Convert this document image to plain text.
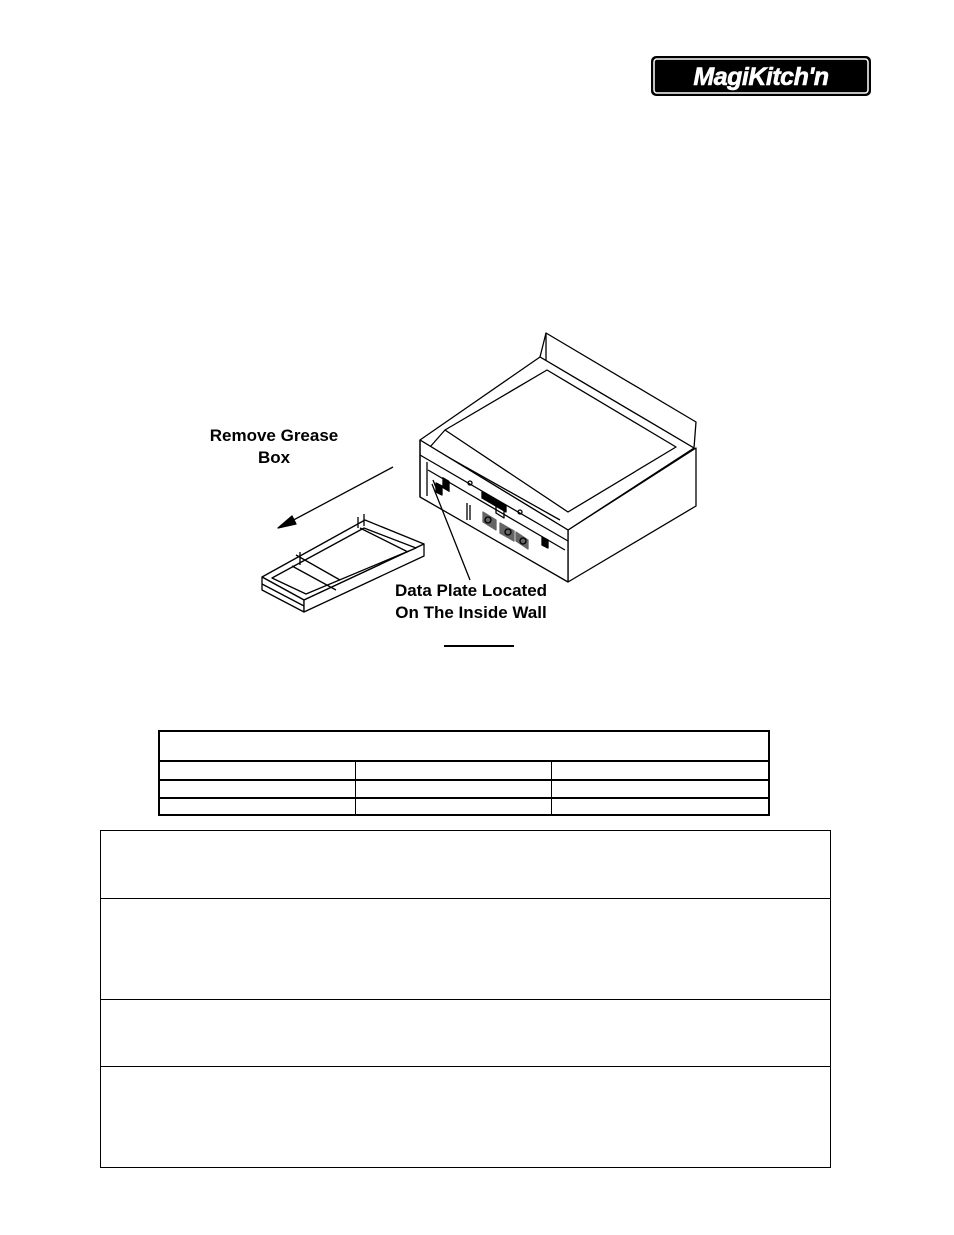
MagiKitch'n
Remove Grease
Box
Data Plate Located
On The Inside Wall
